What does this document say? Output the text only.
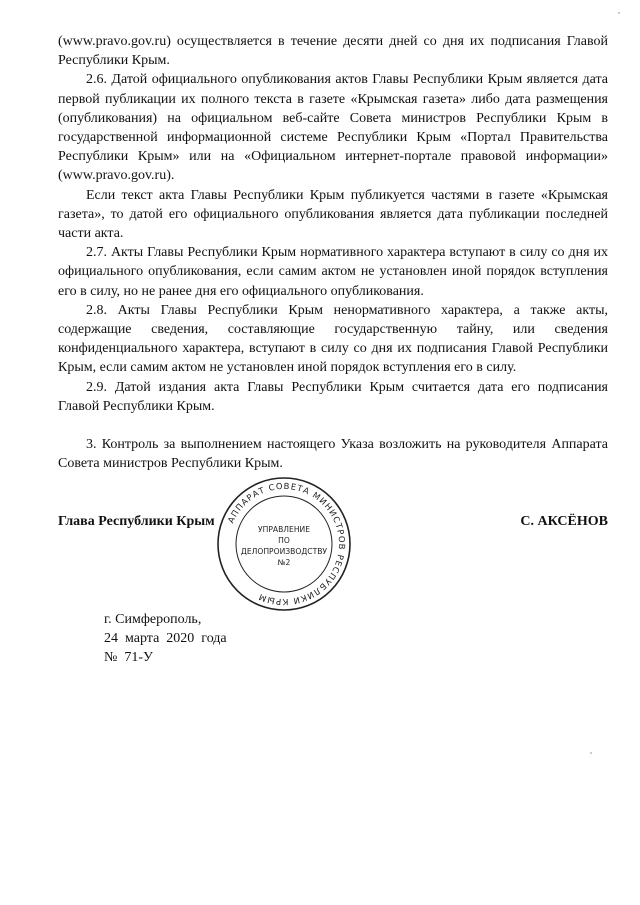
(www.pravo.gov.ru) осуществляется в течение десяти дней со дня их подписания Главой Республики Крым.

2.6. Датой официального опубликования актов Главы Республики Крым является дата первой публикации их полного текста в газете «Крымская газета» либо дата размещения (опубликования) на официальном веб-сайте Совета министров Республики Крым в государственной информационной системе Республики Крым «Портал Правительства Республики Крым» или на «Официальном интернет-портале правовой информации» (www.pravo.gov.ru).

Если текст акта Главы Республики Крым публикуется частями в газете «Крымская газета», то датой его официального опубликования является дата публикации последней части акта.

2.7. Акты Главы Республики Крым нормативного характера вступают в силу со дня их официального опубликования, если самим актом не установлен иной порядок вступления его в силу, но не ранее дня его официального опубликования.

2.8. Акты Главы Республики Крым ненормативного характера, а также акты, содержащие сведения, составляющие государственную тайну, или сведения конфиденциального характера, вступают в силу со дня их подписания Главой Республики Крым, если самим актом не установлен иной порядок вступления его в силу.

2.9. Датой издания акта Главы Республики Крым считается дата его подписания Главой Республики Крым.

3. Контроль за выполнением настоящего Указа возложить на руководителя Аппарата Совета министров Республики Крым.

Глава Республики Крым	С. АКСЁНОВ
АППАРАТ СОВЕТА МИНИСТРОВ РЕСПУБЛИКИ КРЫМ
УПРАВЛЕНИЕ
ПО
ДЕЛОПРОИЗВОДСТВУ
№2
г. Симферополь,
24  марта  2020  года
№  71-У
